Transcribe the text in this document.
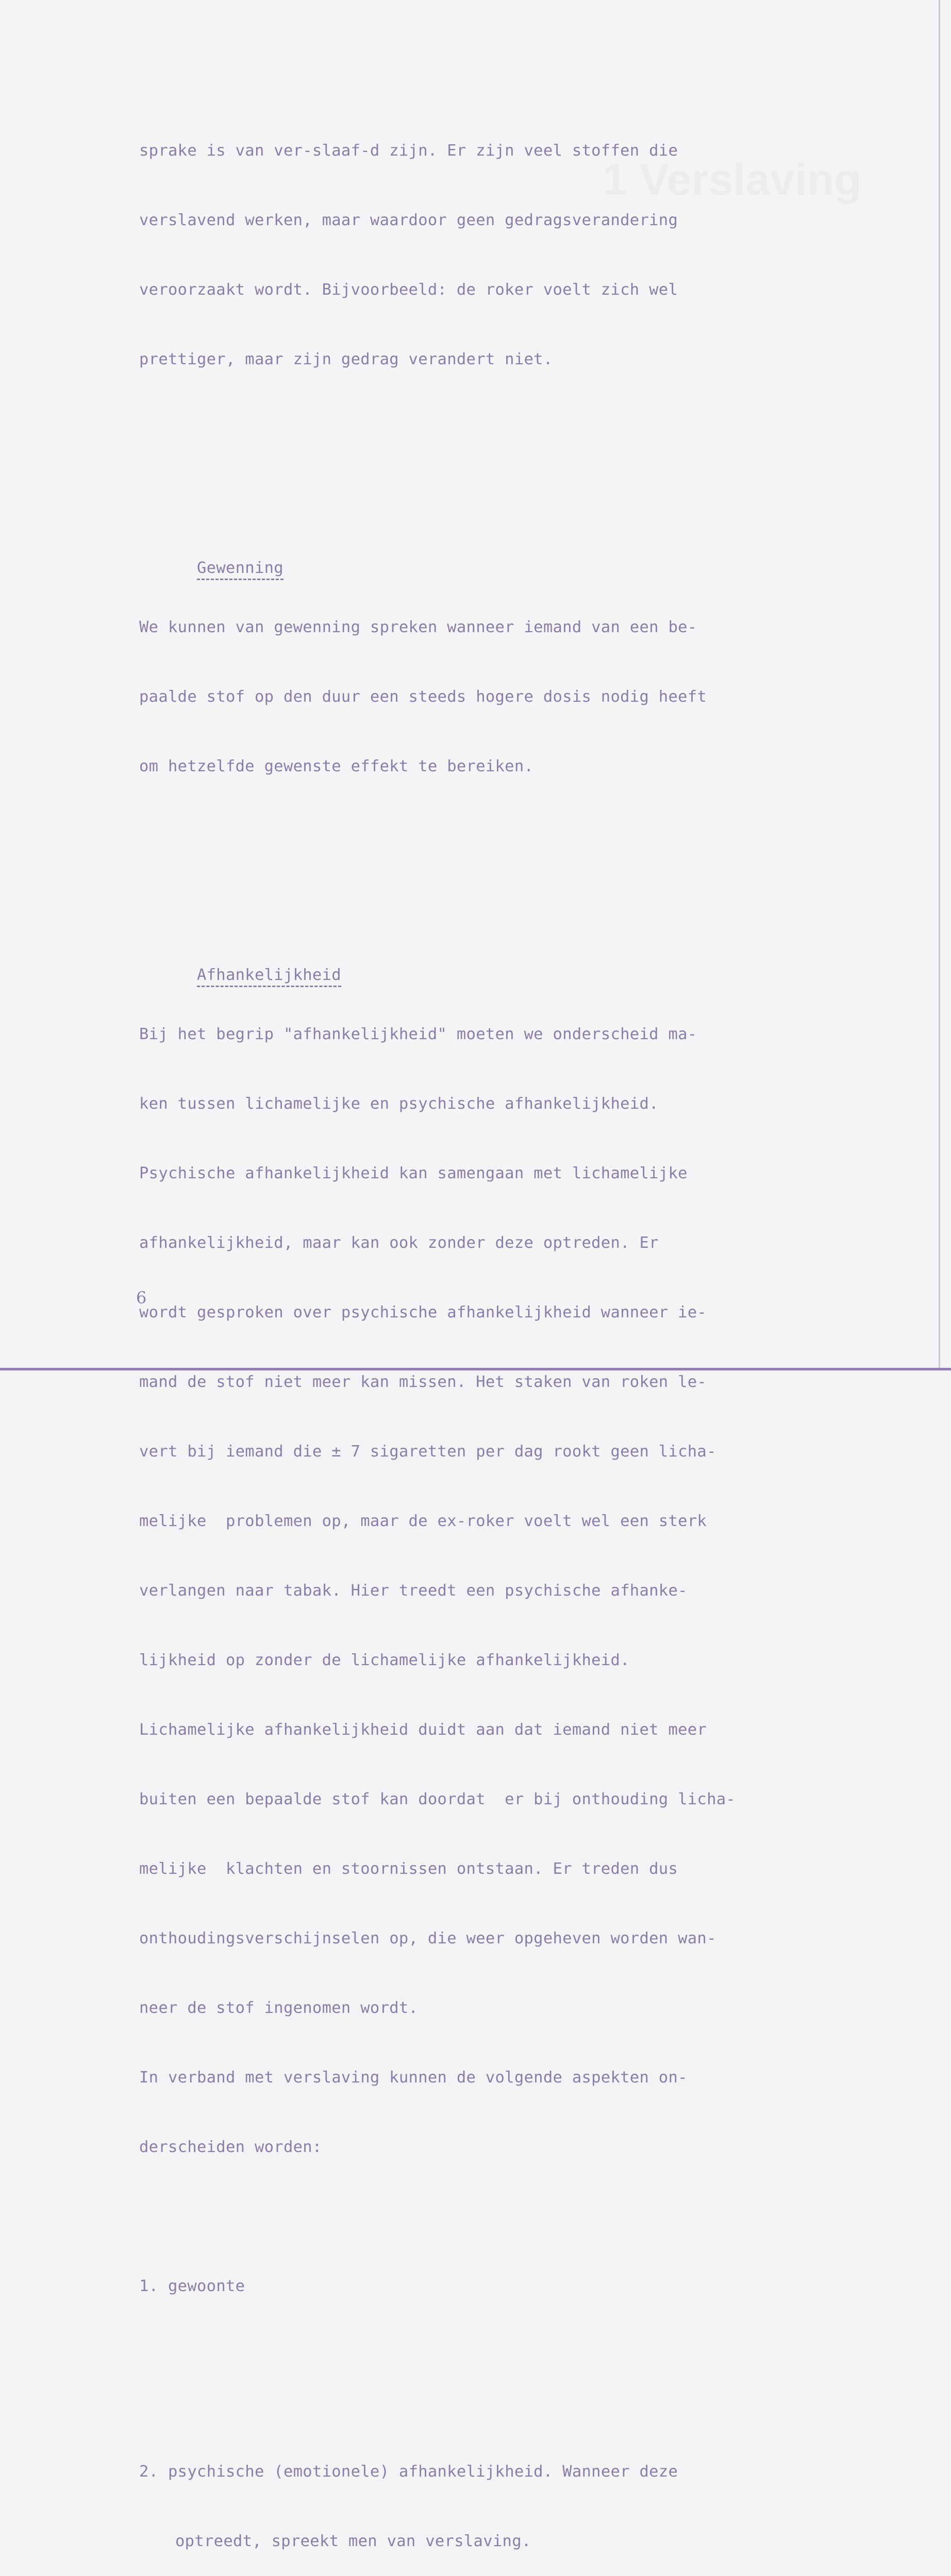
1 Verslaving

sprake is van ver-slaaf-d zijn. Er zijn veel stoffen die

verslavend werken, maar waardoor geen gedragsverandering

veroorzaakt wordt. Bijvoorbeeld: de roker voelt zich wel

prettiger, maar zijn gedrag verandert niet.

Gewenning

We kunnen van gewenning spreken wanneer iemand van een be-

paalde stof op den duur een steeds hogere dosis nodig heeft

om hetzelfde gewenste effekt te bereiken.

Afhankelijkheid

Bij het begrip "afhankelijkheid" moeten we onderscheid ma-

ken tussen lichamelijke en psychische afhankelijkheid.

Psychische afhankelijkheid kan samengaan met lichamelijke

afhankelijkheid, maar kan ook zonder deze optreden. Er

wordt gesproken over psychische afhankelijkheid wanneer ie-

mand de stof niet meer kan missen. Het staken van roken le-

vert bij iemand die ± 7 sigaretten per dag rookt geen licha-

melijke  problemen op, maar de ex-roker voelt wel een sterk

verlangen naar tabak. Hier treedt een psychische afhanke-

lijkheid op zonder de lichamelijke afhankelijkheid.

Lichamelijke afhankelijkheid duidt aan dat iemand niet meer

buiten een bepaalde stof kan doordat  er bij onthouding licha-

melijke  klachten en stoornissen ontstaan. Er treden dus

onthoudingsverschijnselen op, die weer opgeheven worden wan-

neer de stof ingenomen wordt.

In verband met verslaving kunnen de volgende aspekten on-

derscheiden worden:

1. gewoonte

2. psychische (emotionele) afhankelijkheid. Wanneer deze

optreedt, spreekt men van verslaving.

6
